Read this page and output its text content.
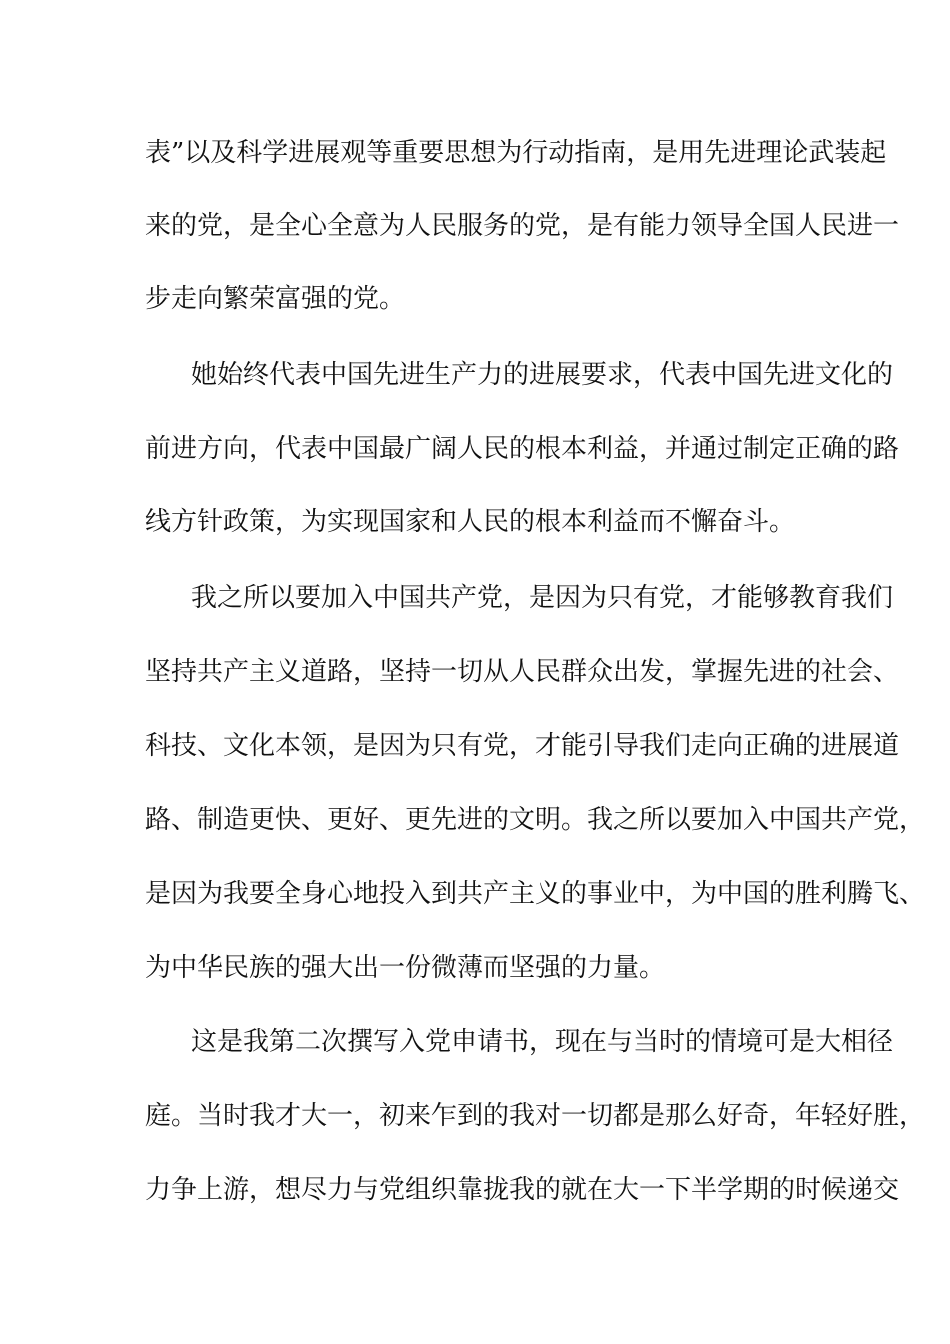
表”以及科学进展观等重要思想为行动指南，是用先进理论武装起
来的党，是全心全意为人民服务的党，是有能力领导全国人民进一
步走向繁荣富强的党。
她始终代表中国先进生产力的进展要求，代表中国先进文化的
前进方向，代表中国最广阔人民的根本利益，并通过制定正确的路
线方针政策，为实现国家和人民的根本利益而不懈奋斗。
我之所以要加入中国共产党，是因为只有党，才能够教育我们
坚持共产主义道路，坚持一切从人民群众出发，掌握先进的社会、
科技、文化本领，是因为只有党，才能引导我们走向正确的进展道
路、制造更快、更好、更先进的文明。我之所以要加入中国共产党，
是因为我要全身心地投入到共产主义的事业中，为中国的胜利腾飞、
为中华民族的强大出一份微薄而坚强的力量。
这是我第二次撰写入党申请书，现在与当时的情境可是大相径
庭。当时我才大一，初来乍到的我对一切都是那么好奇，年轻好胜，
力争上游，想尽力与党组织靠拢我的就在大一下半学期的时候递交
